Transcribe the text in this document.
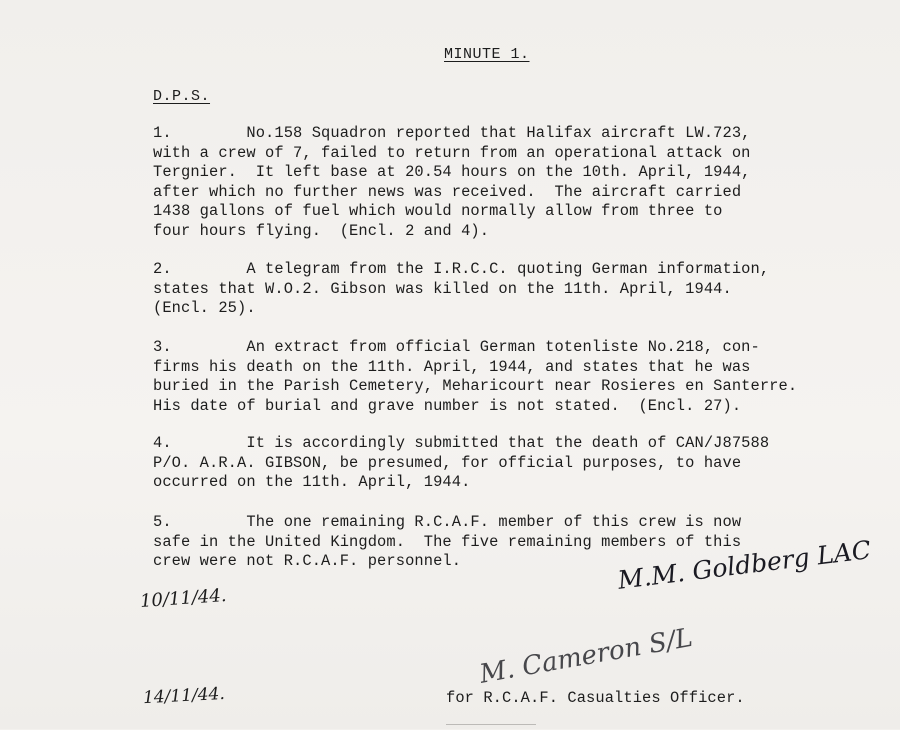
MINUTE 1.
D.P.S.
1.        No.158 Squadron reported that Halifax aircraft LW.723,
with a crew of 7, failed to return from an operational attack on
Tergnier.  It left base at 20.54 hours on the 10th. April, 1944,
after which no further news was received.  The aircraft carried
1438 gallons of fuel which would normally allow from three to
four hours flying.  (Encl. 2 and 4).
2.        A telegram from the I.R.C.C. quoting German information,
states that W.O.2. Gibson was killed on the 11th. April, 1944.
(Encl. 25).
3.        An extract from official German totenliste No.218, con-
firms his death on the 11th. April, 1944, and states that he was
buried in the Parish Cemetery, Meharicourt near Rosieres en Santerre.
His date of burial and grave number is not stated.  (Encl. 27).
4.        It is accordingly submitted that the death of CAN/J87588
P/O. A.R.A. GIBSON, be presumed, for official purposes, to have
occurred on the 11th. April, 1944.
5.        The one remaining R.C.A.F. member of this crew is now
safe in the United Kingdom.  The five remaining members of this
crew were not R.C.A.F. personnel.
10/11/44.
M.M. Goldberg LAC
M. Cameron S/L
14/11/44.	for R.C.A.F. Casualties Officer.
